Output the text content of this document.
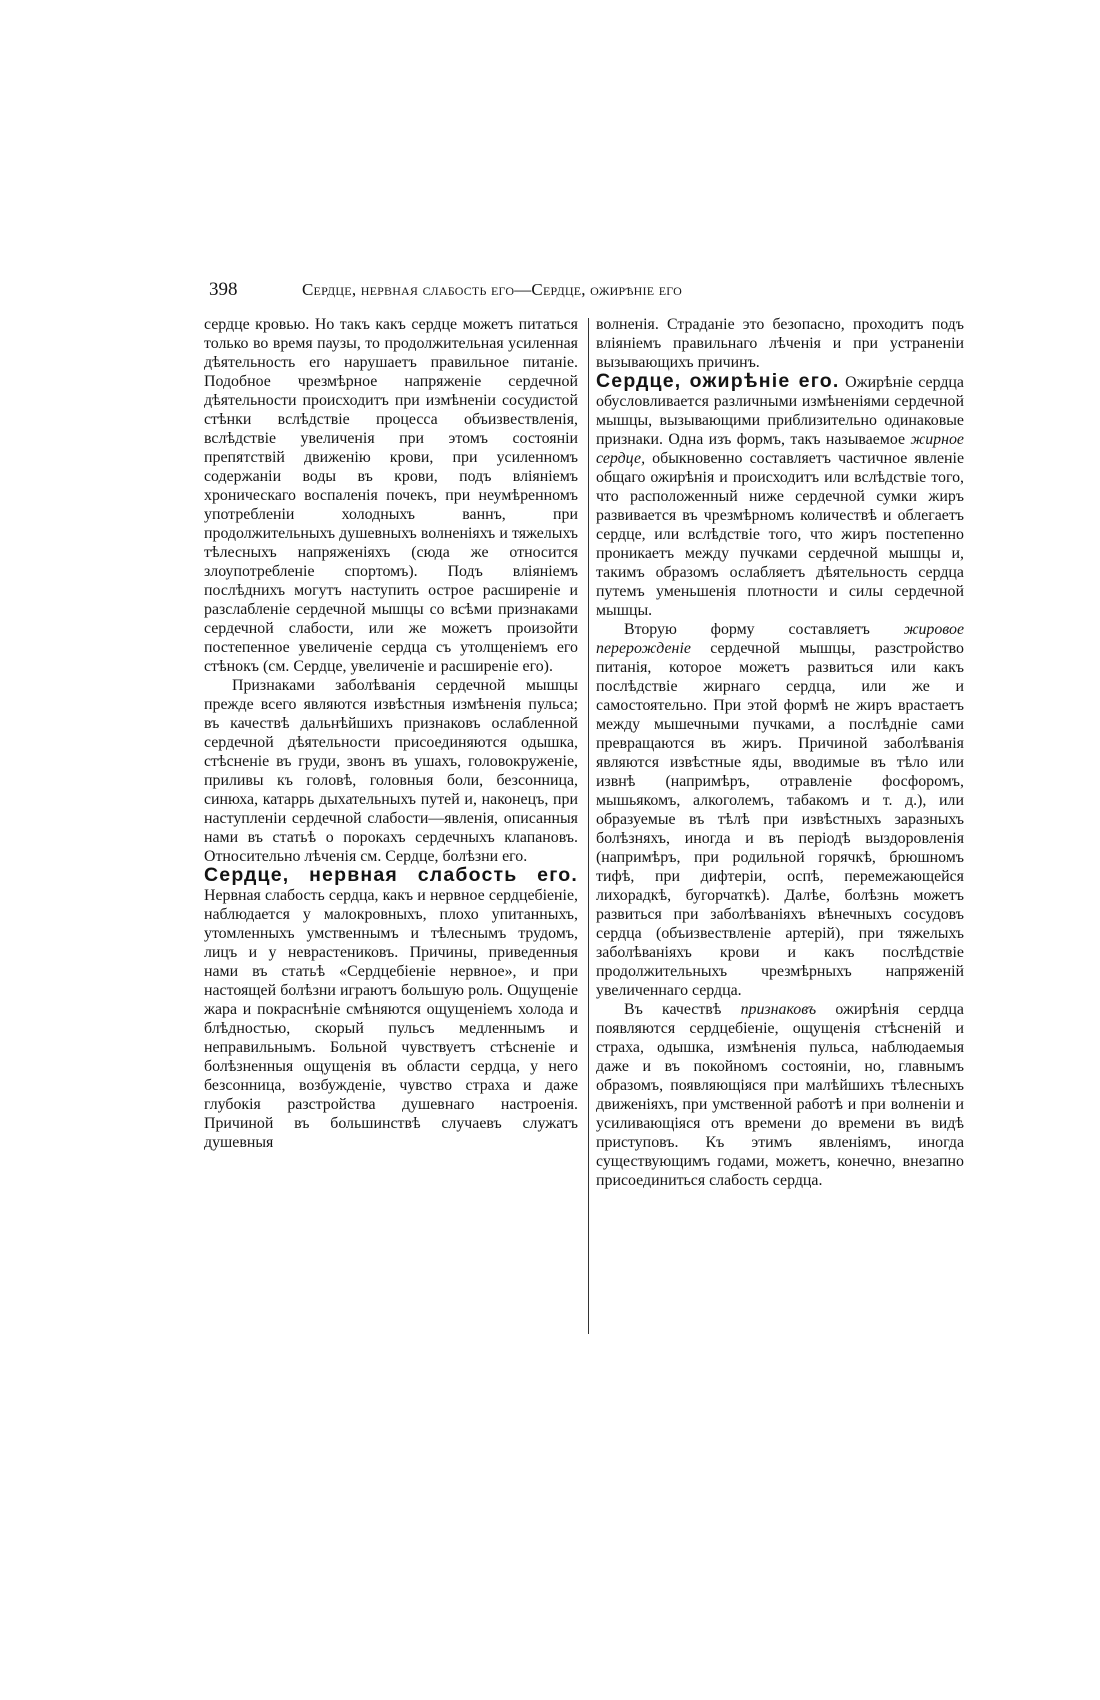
398	Сердце, нервная слабость его—Сердце, ожирѣніе его

сердце кровью. Но такъ какъ сердце можетъ питаться только во время паузы, то продолжительная усиленная дѣятельность его нарушаетъ правильное питаніе. Подобное чрезмѣрное напряженіе сердечной дѣятельности происходитъ при измѣненіи сосудистой стѣнки вслѣдствіе процесса объизвествленія, вслѣдствіе увеличенія при этомъ состояніи препятствій движенію крови, при усиленномъ содержаніи воды въ крови, подъ вліяніемъ хроническаго воспаленія почекъ, при неумѣренномъ употребленіи холодныхъ ваннъ, при продолжительныхъ душевныхъ волненіяхъ и тяжелыхъ тѣлесныхъ напряженіяхъ (сюда же относится злоупотребленіе спортомъ). Подъ вліяніемъ послѣднихъ могутъ наступить острое расширеніе и разслабленіе сердечной мышцы со всѣми признаками сердечной слабости, или же можетъ произойти постепенное увеличеніе сердца съ утолщеніемъ его стѣнокъ (см. Сердце, увеличеніе и расширеніе его).

Признаками заболѣванія сердечной мышцы прежде всего являются извѣстныя измѣненія пульса; въ качествѣ дальнѣйшихъ признаковъ ослабленной сердечной дѣятельности присоединяются одышка, стѣсненіе въ груди, звонъ въ ушахъ, головокруженіе, приливы къ головѣ, головныя боли, безсонница, синюха, катаррь дыхательныхъ путей и, наконецъ, при наступленіи сердечной слабости—явленія, описанныя нами въ статьѣ о порокахъ сердечныхъ клапановъ. Относительно лѣченія см. Сердце, болѣзни его.

Сердце, нервная слабость его. Нервная слабость сердца, какъ и нервное сердцебіеніе, наблюдается у малокровныхъ, плохо упитанныхъ, утомленныхъ умственнымъ и тѣлеснымъ трудомъ, лицъ и у неврастениковъ. Причины, приведенныя нами въ статьѣ «Сердцебіеніе нервное», и при настоящей болѣзни играютъ большую роль. Ощущеніе жара и покраснѣніе смѣняются ощущеніемъ холода и блѣдностью, скорый пульсъ медленнымъ и неправильнымъ. Больной чувствуетъ стѣсненіе и болѣзненныя ощущенія въ области сердца, у него безсонница, возбужденіе, чувство страха и даже глубокія разстройства душевнаго настроенія. Причиной въ большинствѣ случаевъ служатъ душевныя

волненія. Страданіе это безопасно, проходитъ подъ вліяніемъ правильнаго лѣченія и при устраненіи вызывающихъ причинъ.

Сердце, ожирѣніе его. Ожирѣніе сердца обусловливается различными измѣненіями сердечной мышцы, вызывающими приблизительно одинаковые признаки. Одна изъ формъ, такъ называемое жирное сердце, обыкновенно составляетъ частичное явленіе общаго ожирѣнія и происходитъ или вслѣдствіе того, что расположенный ниже сердечной сумки жиръ развивается въ чрезмѣрномъ количествѣ и облегаетъ сердце, или вслѣдствіе того, что жиръ постепенно проникаетъ между пучками сердечной мышцы и, такимъ образомъ ослабляетъ дѣятельность сердца путемъ уменьшенія плотности и силы сердечной мышцы.

Вторую форму составляетъ жировое перерожденіе сердечной мышцы, разстройство питанія, которое можетъ развиться или какъ послѣдствіе жирнаго сердца, или же и самостоятельно. При этой формѣ не жиръ врастаетъ между мышечными пучками, а послѣдніе сами превращаются въ жиръ. Причиной заболѣванія являются извѣстные яды, вводимые въ тѣло или извнѣ (напримѣръ, отравленіе фосфоромъ, мышьякомъ, алкоголемъ, табакомъ и т. д.), или образуемые въ тѣлѣ при извѣстныхъ заразныхъ болѣзняхъ, иногда и въ періодѣ выздоровленія (напримѣръ, при родильной горячкѣ, брюшномъ тифѣ, при дифтеріи, оспѣ, перемежающейся лихорадкѣ, бугорчаткѣ). Далѣе, болѣзнь можетъ развиться при заболѣваніяхъ вѣнечныхъ сосудовъ сердца (объизвествленіе артерій), при тяжелыхъ заболѣваніяхъ крови и какъ послѣдствіе продолжительныхъ чрезмѣрныхъ напряженій увеличеннаго сердца.

Въ качествѣ признаковъ ожирѣнія сердца появляются сердцебіеніе, ощущенія стѣсненій и страха, одышка, измѣненія пульса, наблюдаемыя даже и въ покойномъ состояніи, но, главнымъ образомъ, появляющіяся при малѣйшихъ тѣлесныхъ движеніяхъ, при умственной работѣ и при волненіи и усиливающіяся отъ времени до времени въ видѣ приступовъ. Къ этимъ явленіямъ, иногда существующимъ годами, можетъ, конечно, внезапно присоединиться слабость сердца.
